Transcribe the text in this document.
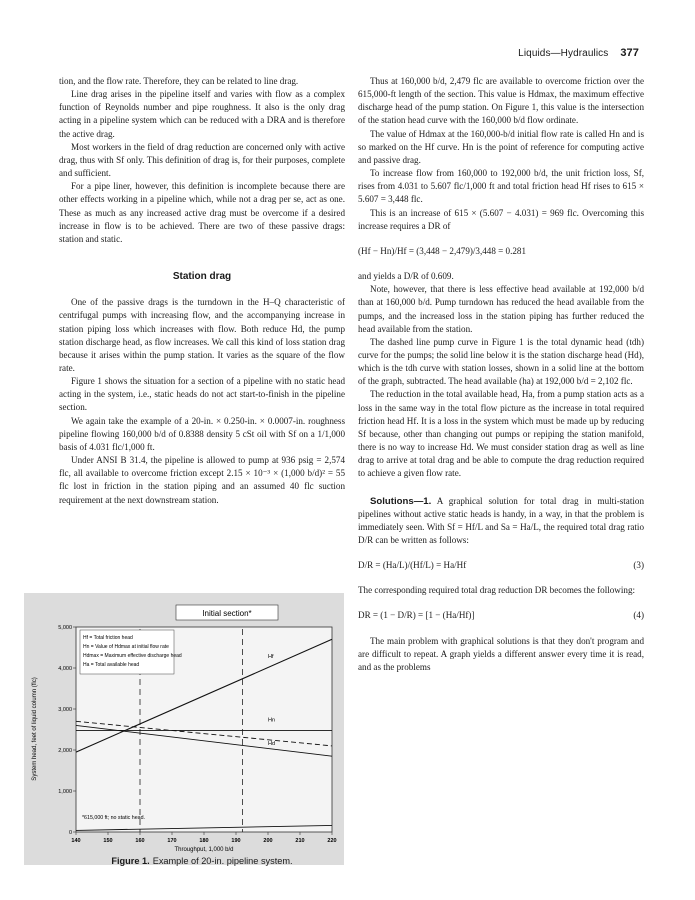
Liquids—Hydraulics 377

tion, and the flow rate. Therefore, they can be related to line drag.

Line drag arises in the pipeline itself and varies with flow as a complex function of Reynolds number and pipe roughness. It also is the only drag acting in a pipeline system which can be reduced with a DRA and is therefore the active drag.

Most workers in the field of drag reduction are concerned only with active drag, thus with Sf only. This definition of drag is, for their purposes, complete and sufficient.

For a pipe liner, however, this definition is incomplete because there are other effects working in a pipeline which, while not a drag per se, act as one. These as much as any increased active drag must be overcome if a desired increase in flow is to be achieved. There are two of these passive drags: station and static.

Station drag

One of the passive drags is the turndown in the H–Q characteristic of centrifugal pumps with increasing flow, and the accompanying increase in station piping loss which increases with flow. Both reduce Hd, the pump station discharge head, as flow increases. We call this kind of loss station drag because it arises within the pump station. It varies as the square of the flow rate.

Figure 1 shows the situation for a section of a pipeline with no static head acting in the system, i.e., static heads do not act start-to-finish in the pipeline section.

We again take the example of a 20-in. × 0.250-in. × 0.0007-in. roughness pipeline flowing 160,000 b/d of 0.8388 density 5 cSt oil with Sf on a 1/1,000 basis of 4.031 flc/1,000 ft.

Under ANSI B 31.4, the pipeline is allowed to pump at 936 psig = 2,574 flc, all available to overcome friction except 2.15 × 10⁻³ × (1,000 b/d)² = 55 flc lost in friction in the station piping and an assumed 40 flc suction requirement at the next downstream station.

Thus at 160,000 b/d, 2,479 flc are available to overcome friction over the 615,000-ft length of the section. This value is Hdmax, the maximum effective discharge head of the pump station. On Figure 1, this value is the intersection of the station head curve with the 160,000 b/d flow ordinate.

The value of Hdmax at the 160,000-b/d initial flow rate is called Hn and is so marked on the Hf curve. Hn is the point of reference for computing active and passive drag.

To increase flow from 160,000 to 192,000 b/d, the unit friction loss, Sf, rises from 4.031 to 5.607 flc/1,000 ft and total friction head Hf rises to 615 × 5.607 = 3,448 flc.

This is an increase of 615 × (5.607 − 4.031) = 969 flc. Overcoming this increase requires a DR of

(Hf − Hn)/Hf = (3,448 − 2,479)/3,448 = 0.281

and yields a D/R of 0.609.

Note, however, that there is less effective head available at 192,000 b/d than at 160,000 b/d. Pump turndown has reduced the head available from the pumps, and the increased loss in the station piping has further reduced the head available from the station.

The dashed line pump curve in Figure 1 is the total dynamic head (tdh) curve for the pumps; the solid line below it is the station discharge head (Hd), which is the tdh curve with station losses, shown in a solid line at the bottom of the graph, subtracted. The head available (ha) at 192,000 b/d = 2,102 flc.

The reduction in the total available head, Ha, from a pump station acts as a loss in the same way in the total flow picture as the increase in total required friction head Hf. It is a loss in the system which must be made up by reducing Sf because, other than changing out pumps or repiping the station manifold, there is no way to increase Hd. We must consider station drag as well as line drag to arrive at total drag and be able to compute the drag reduction required to achieve a given flow rate.

Solutions—1. A graphical solution for total drag in multi-station pipelines without active static heads is handy, in a way, in that the problem is immediately seen. With Sf = Hf/L and Sa = Ha/L, the required total drag ratio D/R can be written as follows:

D/R = (Ha/L)/(Hf/L) = Ha/Hf	(3)

The corresponding required total drag reduction DR becomes the following:

DR = (1 − D/R) = [1 − (Ha/Hf)]	(4)

The main problem with graphical solutions is that they don't program and are difficult to repeat. A graph yields a different answer every time it is read, and as the problems

Initial section*
0
1,000
2,000
3,000
4,000
5,000
140	150	160	170	180	190	200	210	220
Hf = Total friction head
Hn = Value of Hdmax at initial flow rate
Hdmax = Maximum effective discharge head
Ha = Total available head
Hf
Hd
Hn
*615,000 ft; no static head.
Throughput, 1,000 b/d
System head, feet of liquid column (flc)
Figure 1. Example of 20-in. pipeline system.
